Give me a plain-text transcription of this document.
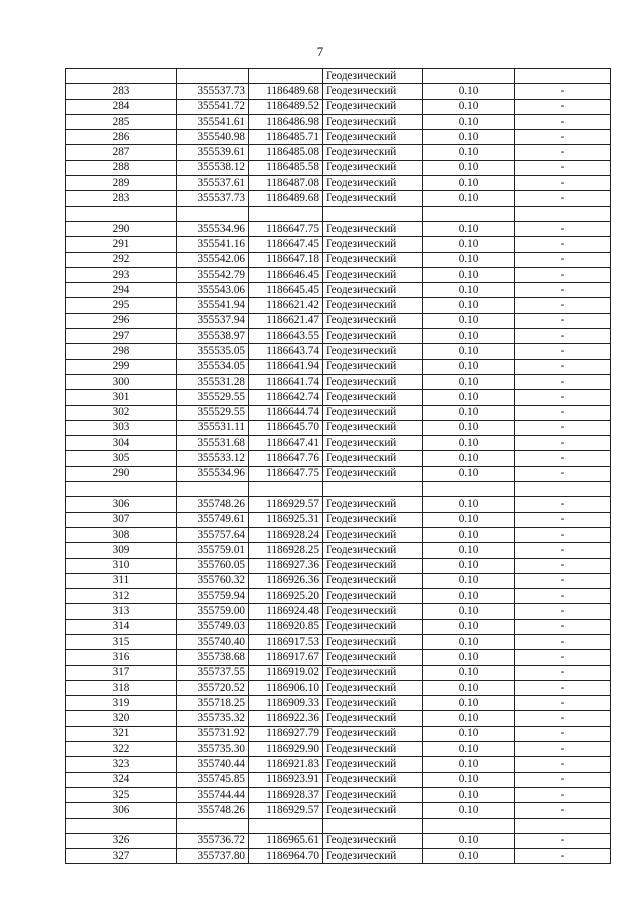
7
			Геодезический		
283	355537.73	1186489.68	Геодезический	0.10	-
284	355541.72	1186489.52	Геодезический	0.10	-
285	355541.61	1186486.98	Геодезический	0.10	-
286	355540.98	1186485.71	Геодезический	0.10	-
287	355539.61	1186485.08	Геодезический	0.10	-
288	355538.12	1186485.58	Геодезический	0.10	-
289	355537.61	1186487.08	Геодезический	0.10	-
283	355537.73	1186489.68	Геодезический	0.10	-

290	355534.96	1186647.75	Геодезический	0.10	-
291	355541.16	1186647.45	Геодезический	0.10	-
292	355542.06	1186647.18	Геодезический	0.10	-
293	355542.79	1186646.45	Геодезический	0.10	-
294	355543.06	1186645.45	Геодезический	0.10	-
295	355541.94	1186621.42	Геодезический	0.10	-
296	355537.94	1186621.47	Геодезический	0.10	-
297	355538.97	1186643.55	Геодезический	0.10	-
298	355535.05	1186643.74	Геодезический	0.10	-
299	355534.05	1186641.94	Геодезический	0.10	-
300	355531.28	1186641.74	Геодезический	0.10	-
301	355529.55	1186642.74	Геодезический	0.10	-
302	355529.55	1186644.74	Геодезический	0.10	-
303	355531.11	1186645.70	Геодезический	0.10	-
304	355531.68	1186647.41	Геодезический	0.10	-
305	355533.12	1186647.76	Геодезический	0.10	-
290	355534.96	1186647.75	Геодезический	0.10	-

306	355748.26	1186929.57	Геодезический	0.10	-
307	355749.61	1186925.31	Геодезический	0.10	-
308	355757.64	1186928.24	Геодезический	0.10	-
309	355759.01	1186928.25	Геодезический	0.10	-
310	355760.05	1186927.36	Геодезический	0.10	-
311	355760.32	1186926.36	Геодезический	0.10	-
312	355759.94	1186925.20	Геодезический	0.10	-
313	355759.00	1186924.48	Геодезический	0.10	-
314	355749.03	1186920.85	Геодезический	0.10	-
315	355740.40	1186917.53	Геодезический	0.10	-
316	355738.68	1186917.67	Геодезический	0.10	-
317	355737.55	1186919.02	Геодезический	0.10	-
318	355720.52	1186906.10	Геодезический	0.10	-
319	355718.25	1186909.33	Геодезический	0.10	-
320	355735.32	1186922.36	Геодезический	0.10	-
321	355731.92	1186927.79	Геодезический	0.10	-
322	355735.30	1186929.90	Геодезический	0.10	-
323	355740.44	1186921.83	Геодезический	0.10	-
324	355745.85	1186923.91	Геодезический	0.10	-
325	355744.44	1186928.37	Геодезический	0.10	-
306	355748.26	1186929.57	Геодезический	0.10	-

326	355736.72	1186965.61	Геодезический	0.10	-
327	355737.80	1186964.70	Геодезический	0.10	-
